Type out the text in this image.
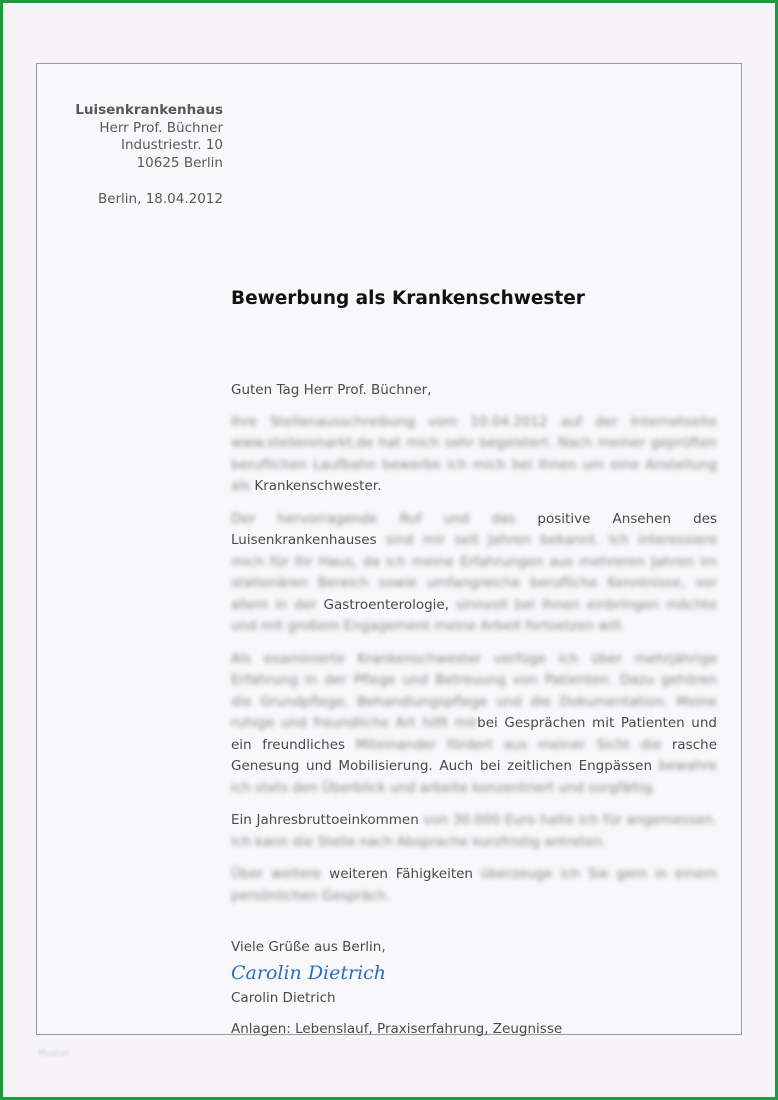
Luisenkrankenhaus
Herr Prof. Büchner
Industriestr. 10
10625 Berlin
Berlin, 18.04.2012
Bewerbung als Krankenschwester
Guten Tag Herr Prof. Büchner,
Ihre Stellenausschreibung vom 10.04.2012 auf der Internetseite www.stellenmarkt.de hat mich sehr begeistert. Nach meiner geprüften beruflichen Laufbahn bewerbe ich mich bei Ihnen um eine Anstellung als Krankenschwester.
Der hervorragende Ruf und das positive Ansehen des Luisenkrankenhauses sind mir seit Jahren bekannt. Ich interessiere mich für Ihr Haus, da ich meine Erfahrungen aus mehreren Jahren im stationären Bereich sowie umfangreiche berufliche Kenntnisse, vor allem in der Gastroenterologie, sinnvoll bei Ihnen einbringen möchte und mit großem Engagement meine Arbeit fortsetzen will.
Als examinierte Krankenschwester verfüge ich über mehrjährige Erfahrung in der Pflege und Betreuung von Patienten. Dazu gehören die Grundpflege, Behandlungspflege und die Dokumentation. Meine ruhige und freundliche Art hilft mirbei Gesprächen mit Patienten und ein freundliches Miteinander fördert aus meiner Sicht die rasche Genesung und Mobilisierung. Auch bei zeitlichen Engpässen bewahre ich stets den Überblick und arbeite konzentriert und sorgfältig.
Ein Jahresbruttoeinkommen von 30.000 Euro halte ich für angemessen. Ich kann die Stelle nach Absprache kurzfristig antreten.
Über weitere weiteren Fähigkeiten überzeuge ich Sie gern in einem persönlichen Gespräch.
Viele Grüße aus Berlin,
Carolin Dietrich
Carolin Dietrich
Anlagen: Lebenslauf, Praxiserfahrung, Zeugnisse
Muster
